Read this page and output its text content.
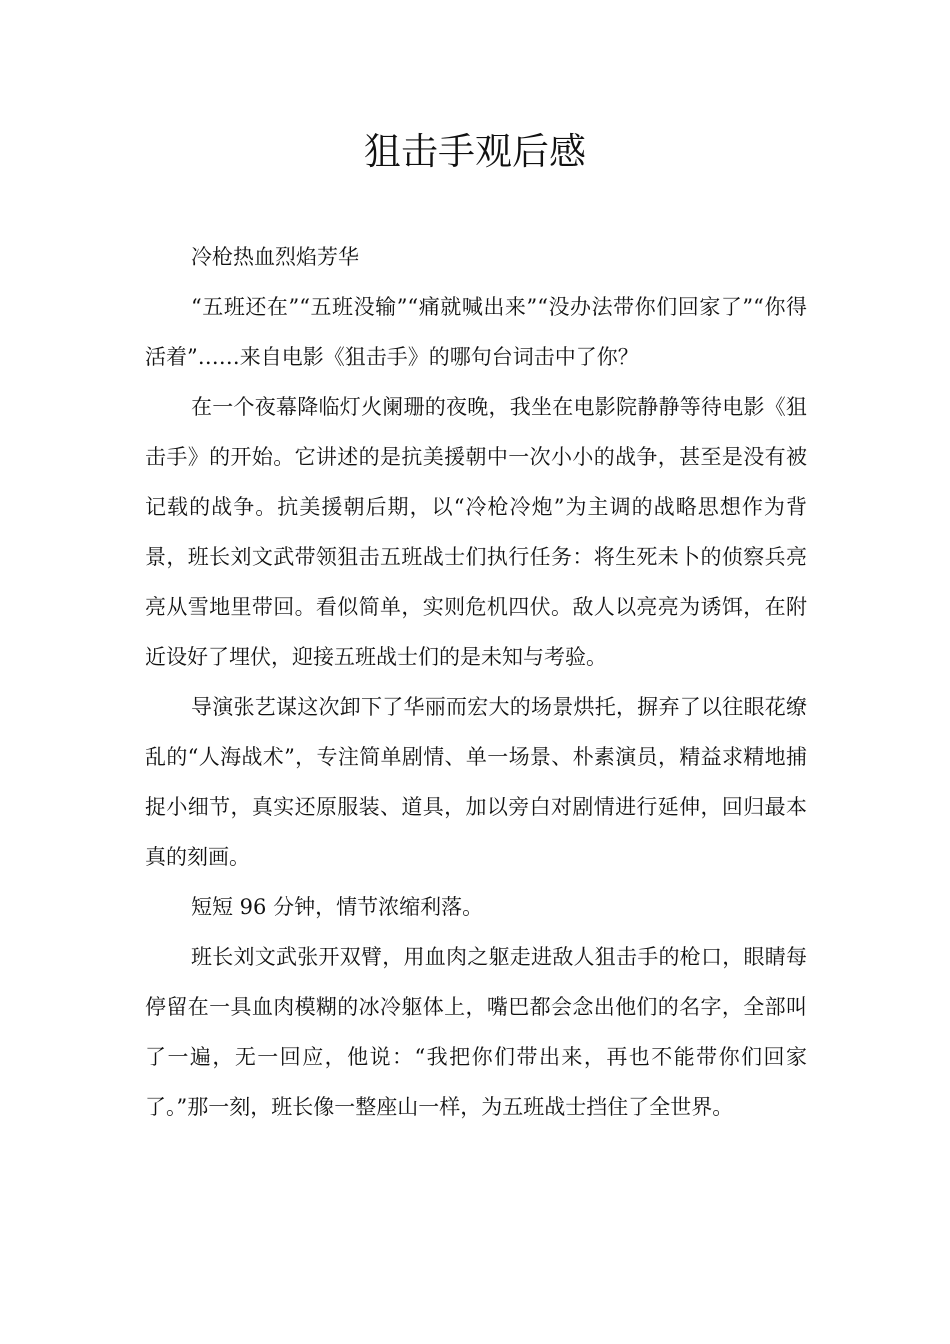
狙击手观后感

冷枪热血烈焰芳华

“五班还在”“五班没输”“痛就喊出来”“没办法带你们回家了”“你得活着”……来自电影《狙击手》的哪句台词击中了你？

在一个夜幕降临灯火阑珊的夜晚，我坐在电影院静静等待电影《狙击手》的开始。它讲述的是抗美援朝中一次小小的战争，甚至是没有被记载的战争。抗美援朝后期，以“冷枪冷炮”为主调的战略思想作为背景，班长刘文武带领狙击五班战士们执行任务：将生死未卜的侦察兵亮亮从雪地里带回。看似简单，实则危机四伏。敌人以亮亮为诱饵，在附近设好了埋伏，迎接五班战士们的是未知与考验。

导演张艺谋这次卸下了华丽而宏大的场景烘托，摒弃了以往眼花缭乱的“人海战术”，专注简单剧情、单一场景、朴素演员，精益求精地捕捉小细节，真实还原服装、道具，加以旁白对剧情进行延伸，回归最本真的刻画。

短短 96 分钟，情节浓缩利落。

班长刘文武张开双臂，用血肉之躯走进敌人狙击手的枪口，眼睛每停留在一具血肉模糊的冰冷躯体上，嘴巴都会念出他们的名字，全部叫了一遍，无一回应，他说：“我把你们带出来，再也不能带你们回家了。”那一刻，班长像一整座山一样，为五班战士挡住了全世界。
